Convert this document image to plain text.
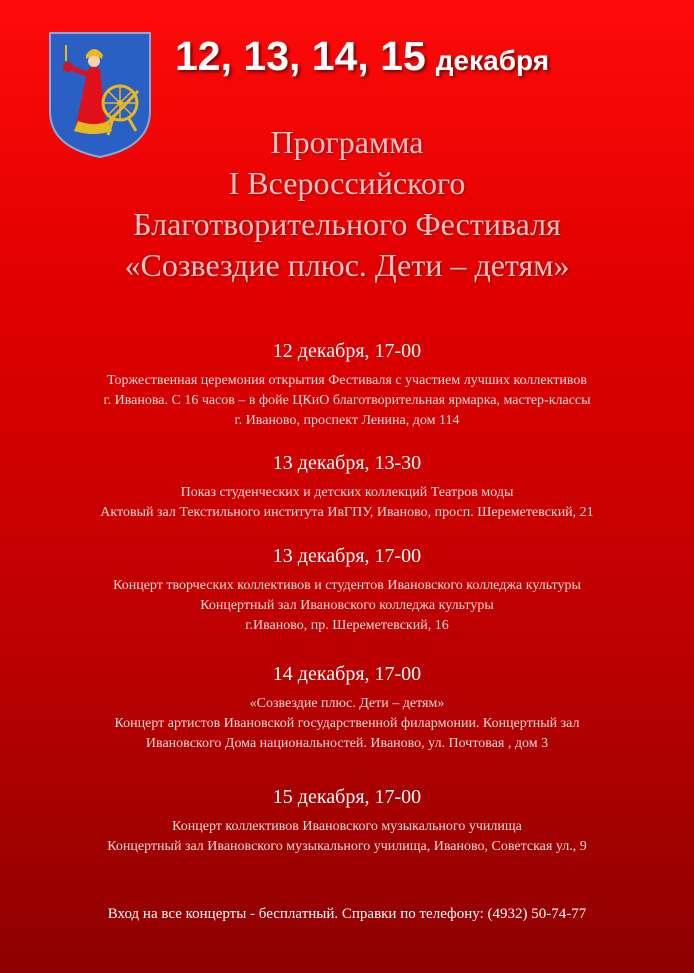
12, 13, 14, 15 декабря
Программа
I Всероссийского
Благотворительного Фестиваля
«Созвездие плюс. Дети – детям»
12 декабря, 17-00
Торжественная церемония открытия Фестиваля с участием лучших коллективов
г. Иванова. С 16 часов – в фойе ЦКиО благотворительная ярмарка, мастер-классы
г. Иваново, проспект Ленина, дом 114
13 декабря, 13-30
Показ студенческих и детских коллекций Театров моды
Актовый зал Текстильного института ИвГПУ, Иваново, просп. Шереметевский, 21
13 декабря, 17-00
Концерт творческих коллективов и студентов Ивановского колледжа культуры
Концертный зал Ивановского колледжа культуры
г.Иваново, пр. Шереметевский, 16
14 декабря, 17-00
«Созвездие плюс. Дети – детям»
Концерт артистов Ивановской государственной филармонии. Концертный зал
Ивановского Дома национальностей. Иваново, ул. Почтовая , дом 3
15 декабря, 17-00
Концерт коллективов Ивановского музыкального училища
Концертный зал Ивановского музыкального училища, Иваново, Советская ул., 9
Вход на все концерты - бесплатный. Справки по телефону: (4932) 50-74-77
